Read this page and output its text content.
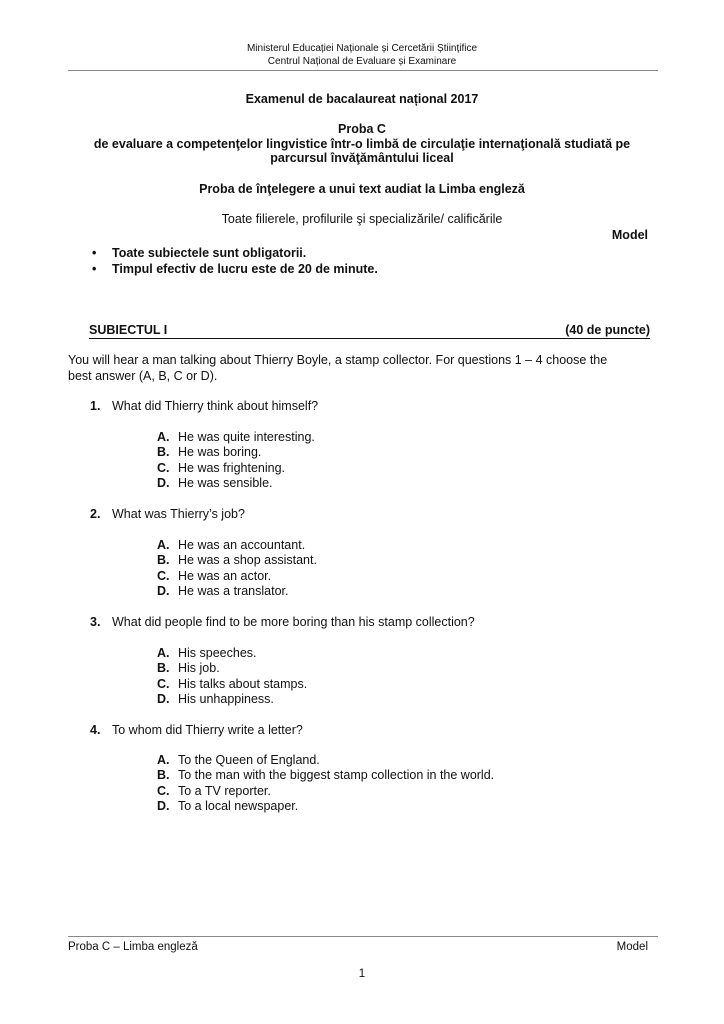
Ministerul Educației Naționale și Cercetării Științifice
Centrul Național de Evaluare și Examinare
Examenul de bacalaureat național 2017
Proba C
de evaluare a competenţelor lingvistice într-o limbă de circulaţie internaţională studiată pe
parcursul învăţământului liceal
Proba de înţelegere a unui text audiat la Limba engleză
Toate filierele, profilurile şi specializările/ calificările
Model
• Toate subiectele sunt obligatorii.
• Timpul efectiv de lucru este de 20 de minute.
SUBIECTUL I	(40 de puncte)
You will hear a man talking about Thierry Boyle, a stamp collector. For questions 1 – 4 choose the
best answer (A, B, C or D).
1. What did Thierry think about himself?
A. He was quite interesting.
B. He was boring.
C. He was frightening.
D. He was sensible.
2. What was Thierry’s job?
A. He was an accountant.
B. He was a shop assistant.
C. He was an actor.
D. He was a translator.
3. What did people find to be more boring than his stamp collection?
A. His speeches.
B. His job.
C. His talks about stamps.
D. His unhappiness.
4. To whom did Thierry write a letter?
A. To the Queen of England.
B. To the man with the biggest stamp collection in the world.
C. To a TV reporter.
D. To a local newspaper.
Proba C – Limba engleză	Model
1
